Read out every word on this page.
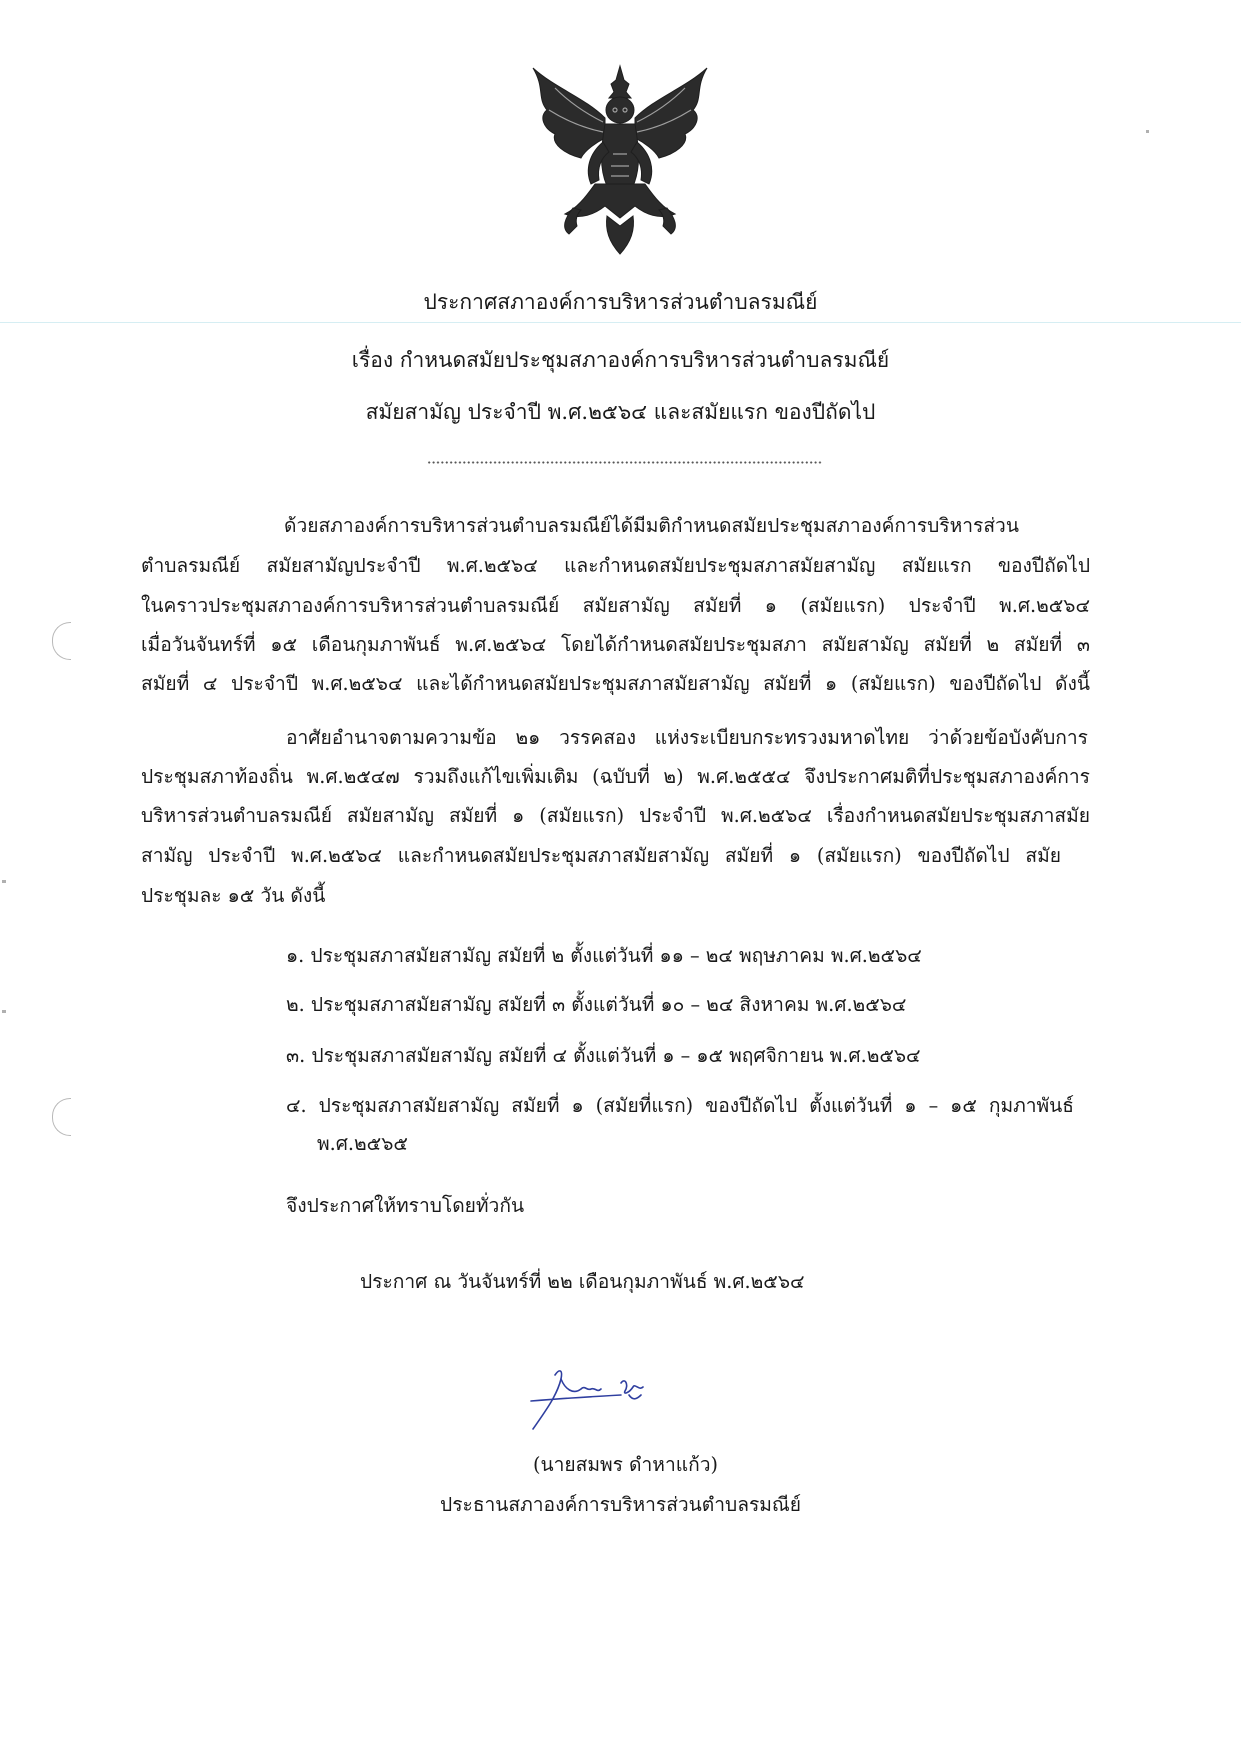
ประกาศสภาองค์การบริหารส่วนตำบลรมณีย์
เรื่อง กำหนดสมัยประชุมสภาองค์การบริหารส่วนตำบลรมณีย์
สมัยสามัญ ประจำปี พ.ศ.๒๕๖๔ และสมัยแรก ของปีถัดไป
ด้วยสภาองค์การบริหารส่วนตำบลรมณีย์ได้มีมติกำหนดสมัยประชุมสภาองค์การบริหารส่วน
ตำบลรมณีย์ สมัยสามัญประจำปี พ.ศ.๒๕๖๔ และกำหนดสมัยประชุมสภาสมัยสามัญ สมัยแรก ของปีถัดไป
ในคราวประชุมสภาองค์การบริหารส่วนตำบลรมณีย์ สมัยสามัญ สมัยที่ ๑ (สมัยแรก) ประจำปี พ.ศ.๒๕๖๔
เมื่อวันจันทร์ที่ ๑๕ เดือนกุมภาพันธ์ พ.ศ.๒๕๖๔ โดยได้กำหนดสมัยประชุมสภา สมัยสามัญ สมัยที่ ๒ สมัยที่ ๓
สมัยที่ ๔ ประจำปี พ.ศ.๒๕๖๔ และได้กำหนดสมัยประชุมสภาสมัยสามัญ สมัยที่ ๑ (สมัยแรก) ของปีถัดไป ดังนี้
อาศัยอำนาจตามความข้อ ๒๑ วรรคสอง แห่งระเบียบกระทรวงมหาดไทย ว่าด้วยข้อบังคับการ
ประชุมสภาท้องถิ่น พ.ศ.๒๕๔๗ รวมถึงแก้ไขเพิ่มเติม (ฉบับที่ ๒) พ.ศ.๒๕๕๔ จึงประกาศมติที่ประชุมสภาองค์การ
บริหารส่วนตำบลรมณีย์ สมัยสามัญ สมัยที่ ๑ (สมัยแรก) ประจำปี พ.ศ.๒๕๖๔ เรื่องกำหนดสมัยประชุมสภาสมัย
สามัญ ประจำปี พ.ศ.๒๕๖๔ และกำหนดสมัยประชุมสภาสมัยสามัญ สมัยที่ ๑ (สมัยแรก) ของปีถัดไป สมัย
ประชุมละ ๑๕ วัน ดังนี้
๑. ประชุมสภาสมัยสามัญ สมัยที่ ๒ ตั้งแต่วันที่ ๑๑ – ๒๔ พฤษภาคม พ.ศ.๒๕๖๔
๒. ประชุมสภาสมัยสามัญ สมัยที่ ๓ ตั้งแต่วันที่ ๑๐ – ๒๔ สิงหาคม พ.ศ.๒๕๖๔
๓. ประชุมสภาสมัยสามัญ สมัยที่ ๔ ตั้งแต่วันที่ ๑ – ๑๕ พฤศจิกายน พ.ศ.๒๕๖๔
๔. ประชุมสภาสมัยสามัญ สมัยที่ ๑ (สมัยที่แรก) ของปีถัดไป ตั้งแต่วันที่ ๑ – ๑๕ กุมภาพันธ์
พ.ศ.๒๕๖๕
จึงประกาศให้ทราบโดยทั่วกัน
ประกาศ ณ วันจันทร์ที่ ๒๒ เดือนกุมภาพันธ์ พ.ศ.๒๕๖๔
(นายสมพร ดำหาแก้ว)
ประธานสภาองค์การบริหารส่วนตำบลรมณีย์
